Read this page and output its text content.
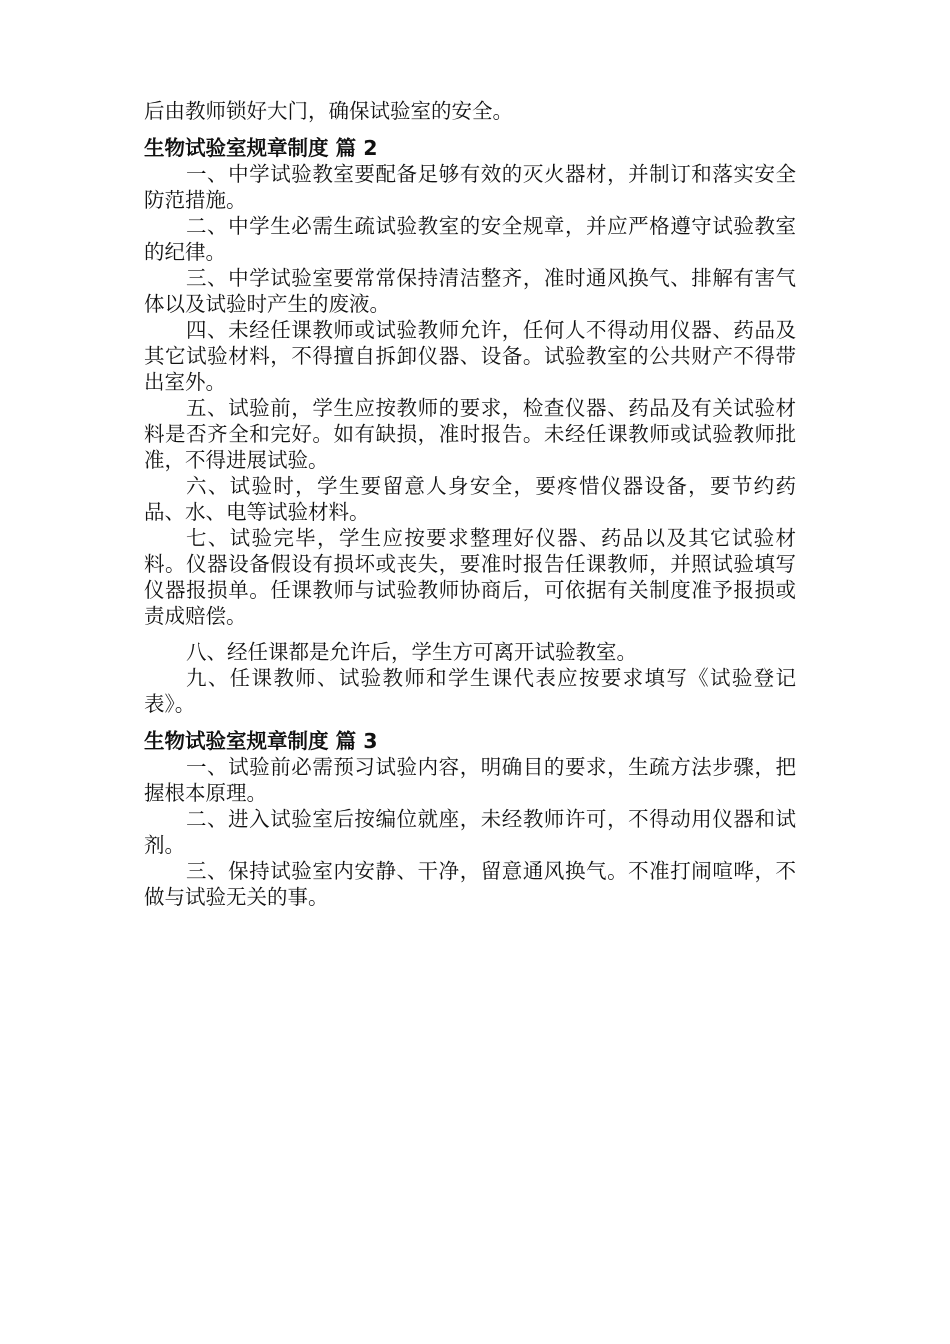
后由教师锁好大门，确保试验室的安全。

生物试验室规章制度 篇 2

一、中学试验教室要配备足够有效的灭火器材，并制订和落实安全防范措施。

二、中学生必需生疏试验教室的安全规章，并应严格遵守试验教室的纪律。

三、中学试验室要常常保持清洁整齐，准时通风换气、排解有害气体以及试验时产生的废液。

四、未经任课教师或试验教师允许，任何人不得动用仪器、药品及其它试验材料，不得擅自拆卸仪器、设备。试验教室的公共财产不得带出室外。

五、试验前，学生应按教师的要求，检查仪器、药品及有关试验材料是否齐全和完好。如有缺损，准时报告。未经任课教师或试验教师批准，不得进展试验。

六、试验时，学生要留意人身安全，要疼惜仪器设备，要节约药品、水、电等试验材料。

七、试验完毕，学生应按要求整理好仪器、药品以及其它试验材料。仪器设备假设有损坏或丧失，要准时报告任课教师，并照试验填写仪器报损单。任课教师与试验教师协商后，可依据有关制度准予报损或责成赔偿。

八、经任课都是允许后，学生方可离开试验教室。

九、任课教师、试验教师和学生课代表应按要求填写《试验登记表》。

生物试验室规章制度 篇 3

一、试验前必需预习试验内容，明确目的要求，生疏方法步骤，把握根本原理。

二、进入试验室后按编位就座，未经教师许可，不得动用仪器和试剂。

三、保持试验室内安静、干净，留意通风换气。不准打闹喧哗，不做与试验无关的事。
